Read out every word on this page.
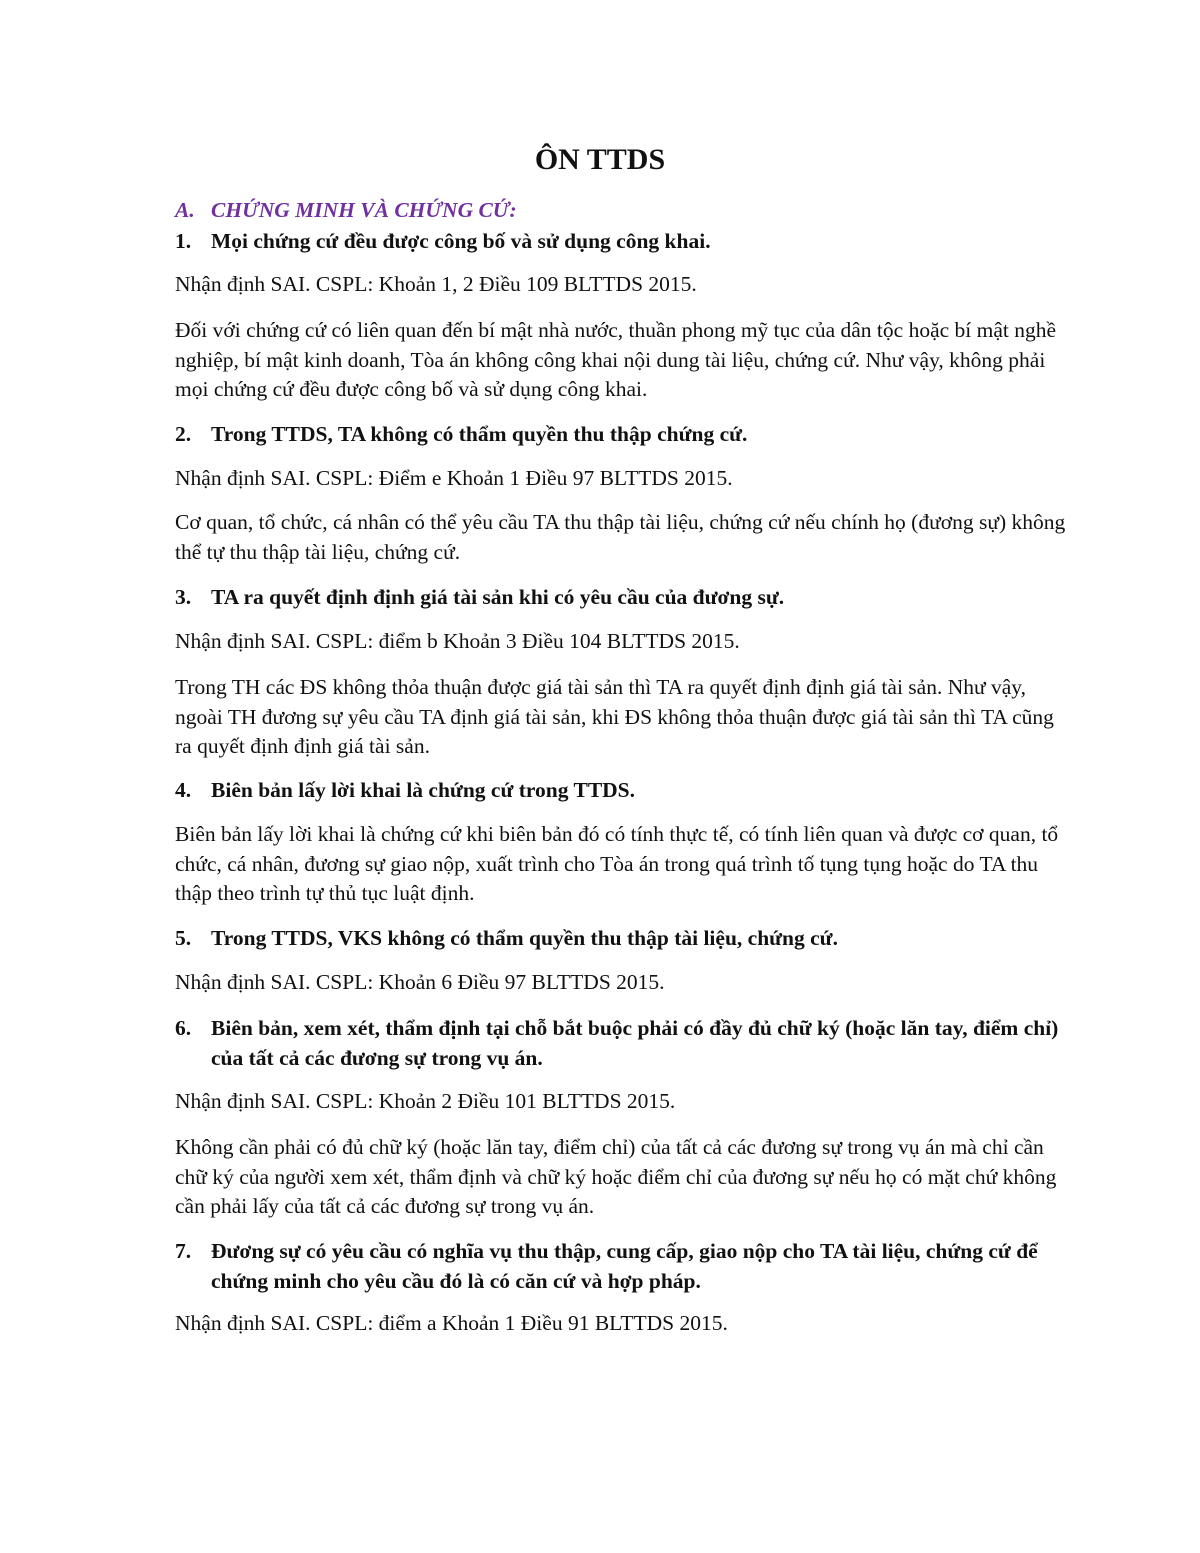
ÔN TTDS
A. CHỨNG MINH VÀ CHỨNG CỨ:
1. Mọi chứng cứ đều được công bố và sử dụng công khai.
Nhận định SAI. CSPL: Khoản 1, 2 Điều 109 BLTTDS 2015.
Đối với chứng cứ có liên quan đến bí mật nhà nước, thuần phong mỹ tục của dân tộc hoặc bí mật nghề nghiệp, bí mật kinh doanh, Tòa án không công khai nội dung tài liệu, chứng cứ. Như vậy, không phải mọi chứng cứ đều được công bố và sử dụng công khai.
2. Trong TTDS, TA không có thẩm quyền thu thập chứng cứ.
Nhận định SAI. CSPL: Điểm e Khoản 1 Điều 97 BLTTDS 2015.
Cơ quan, tổ chức, cá nhân có thể yêu cầu TA thu thập tài liệu, chứng cứ nếu chính họ (đương sự) không thể tự thu thập tài liệu, chứng cứ.
3. TA ra quyết định định giá tài sản khi có yêu cầu của đương sự.
Nhận định SAI. CSPL: điểm b Khoản 3 Điều 104 BLTTDS 2015.
Trong TH các ĐS không thỏa thuận được giá tài sản thì TA ra quyết định định giá tài sản. Như vậy, ngoài TH đương sự yêu cầu TA định giá tài sản, khi ĐS không thỏa thuận được giá tài sản thì TA cũng ra quyết định định giá tài sản.
4. Biên bản lấy lời khai là chứng cứ trong TTDS.
Biên bản lấy lời khai là chứng cứ khi biên bản đó có tính thực tế, có tính liên quan và được cơ quan, tổ chức, cá nhân, đương sự giao nộp, xuất trình cho Tòa án trong quá trình tố tụng tụng hoặc do TA thu thập theo trình tự thủ tục luật định.
5. Trong TTDS, VKS không có thẩm quyền thu thập tài liệu, chứng cứ.
Nhận định SAI. CSPL: Khoản 6 Điều 97 BLTTDS 2015.
6. Biên bản, xem xét, thẩm định tại chỗ bắt buộc phải có đầy đủ chữ ký (hoặc lăn tay, điểm chỉ) của tất cả các đương sự trong vụ án.
Nhận định SAI. CSPL: Khoản 2 Điều 101 BLTTDS 2015.
Không cần phải có đủ chữ ký (hoặc lăn tay, điểm chỉ) của tất cả các đương sự trong vụ án mà chỉ cần chữ ký của người xem xét, thẩm định và chữ ký hoặc điểm chỉ của đương sự nếu họ có mặt chứ không cần phải lấy của tất cả các đương sự trong vụ án.
7. Đương sự có yêu cầu có nghĩa vụ thu thập, cung cấp, giao nộp cho TA tài liệu, chứng cứ để chứng minh cho yêu cầu đó là có căn cứ và hợp pháp.
Nhận định SAI. CSPL: điểm a Khoản 1 Điều 91 BLTTDS 2015.
